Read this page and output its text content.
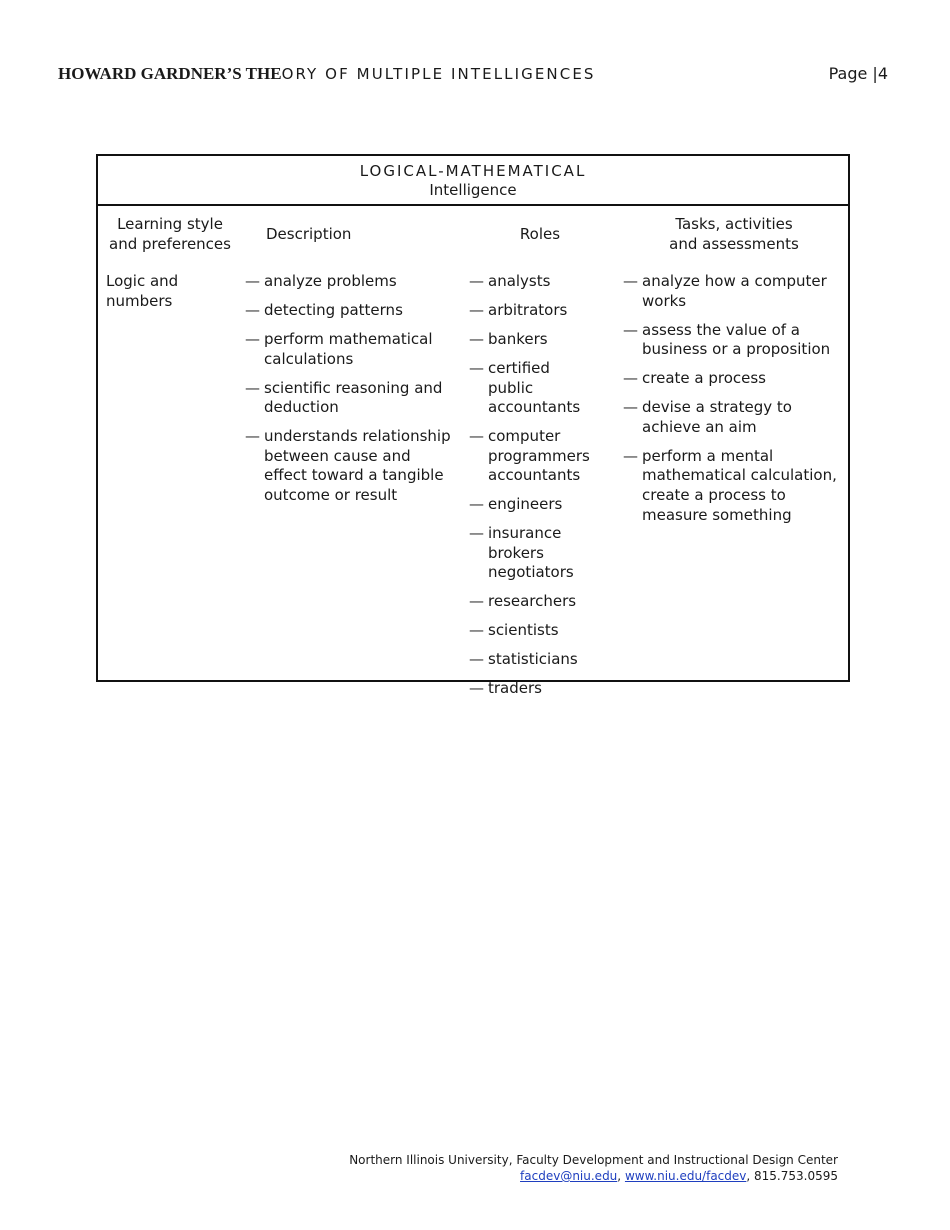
HOWARD GARDNER’S THEORY OF MULTIPLE INTELLIGENCES	Page |4
LOGICAL-MATHEMATICAL
Intelligence
Learning style
and preferences
Description	Roles
Tasks, activities
and assessments
Logic and numbers
— analyze problems
— detecting patterns
— perform mathematical calculations
— scientific reasoning and deduction
— understands relationship between cause and effect toward a tangible outcome or result
— analysts
— arbitrators
— bankers
— certified public accountants
— computer programmers accountants
— engineers
— insurance brokers negotiators
— researchers
— scientists
— statisticians
— traders
— analyze how a computer works
— assess the value of a business or a proposition
— create a process
— devise a strategy to achieve an aim
— perform a mental mathematical calculation, create a process to measure something
Northern Illinois University, Faculty Development and Instructional Design Center
facdev@niu.edu, www.niu.edu/facdev, 815.753.0595
